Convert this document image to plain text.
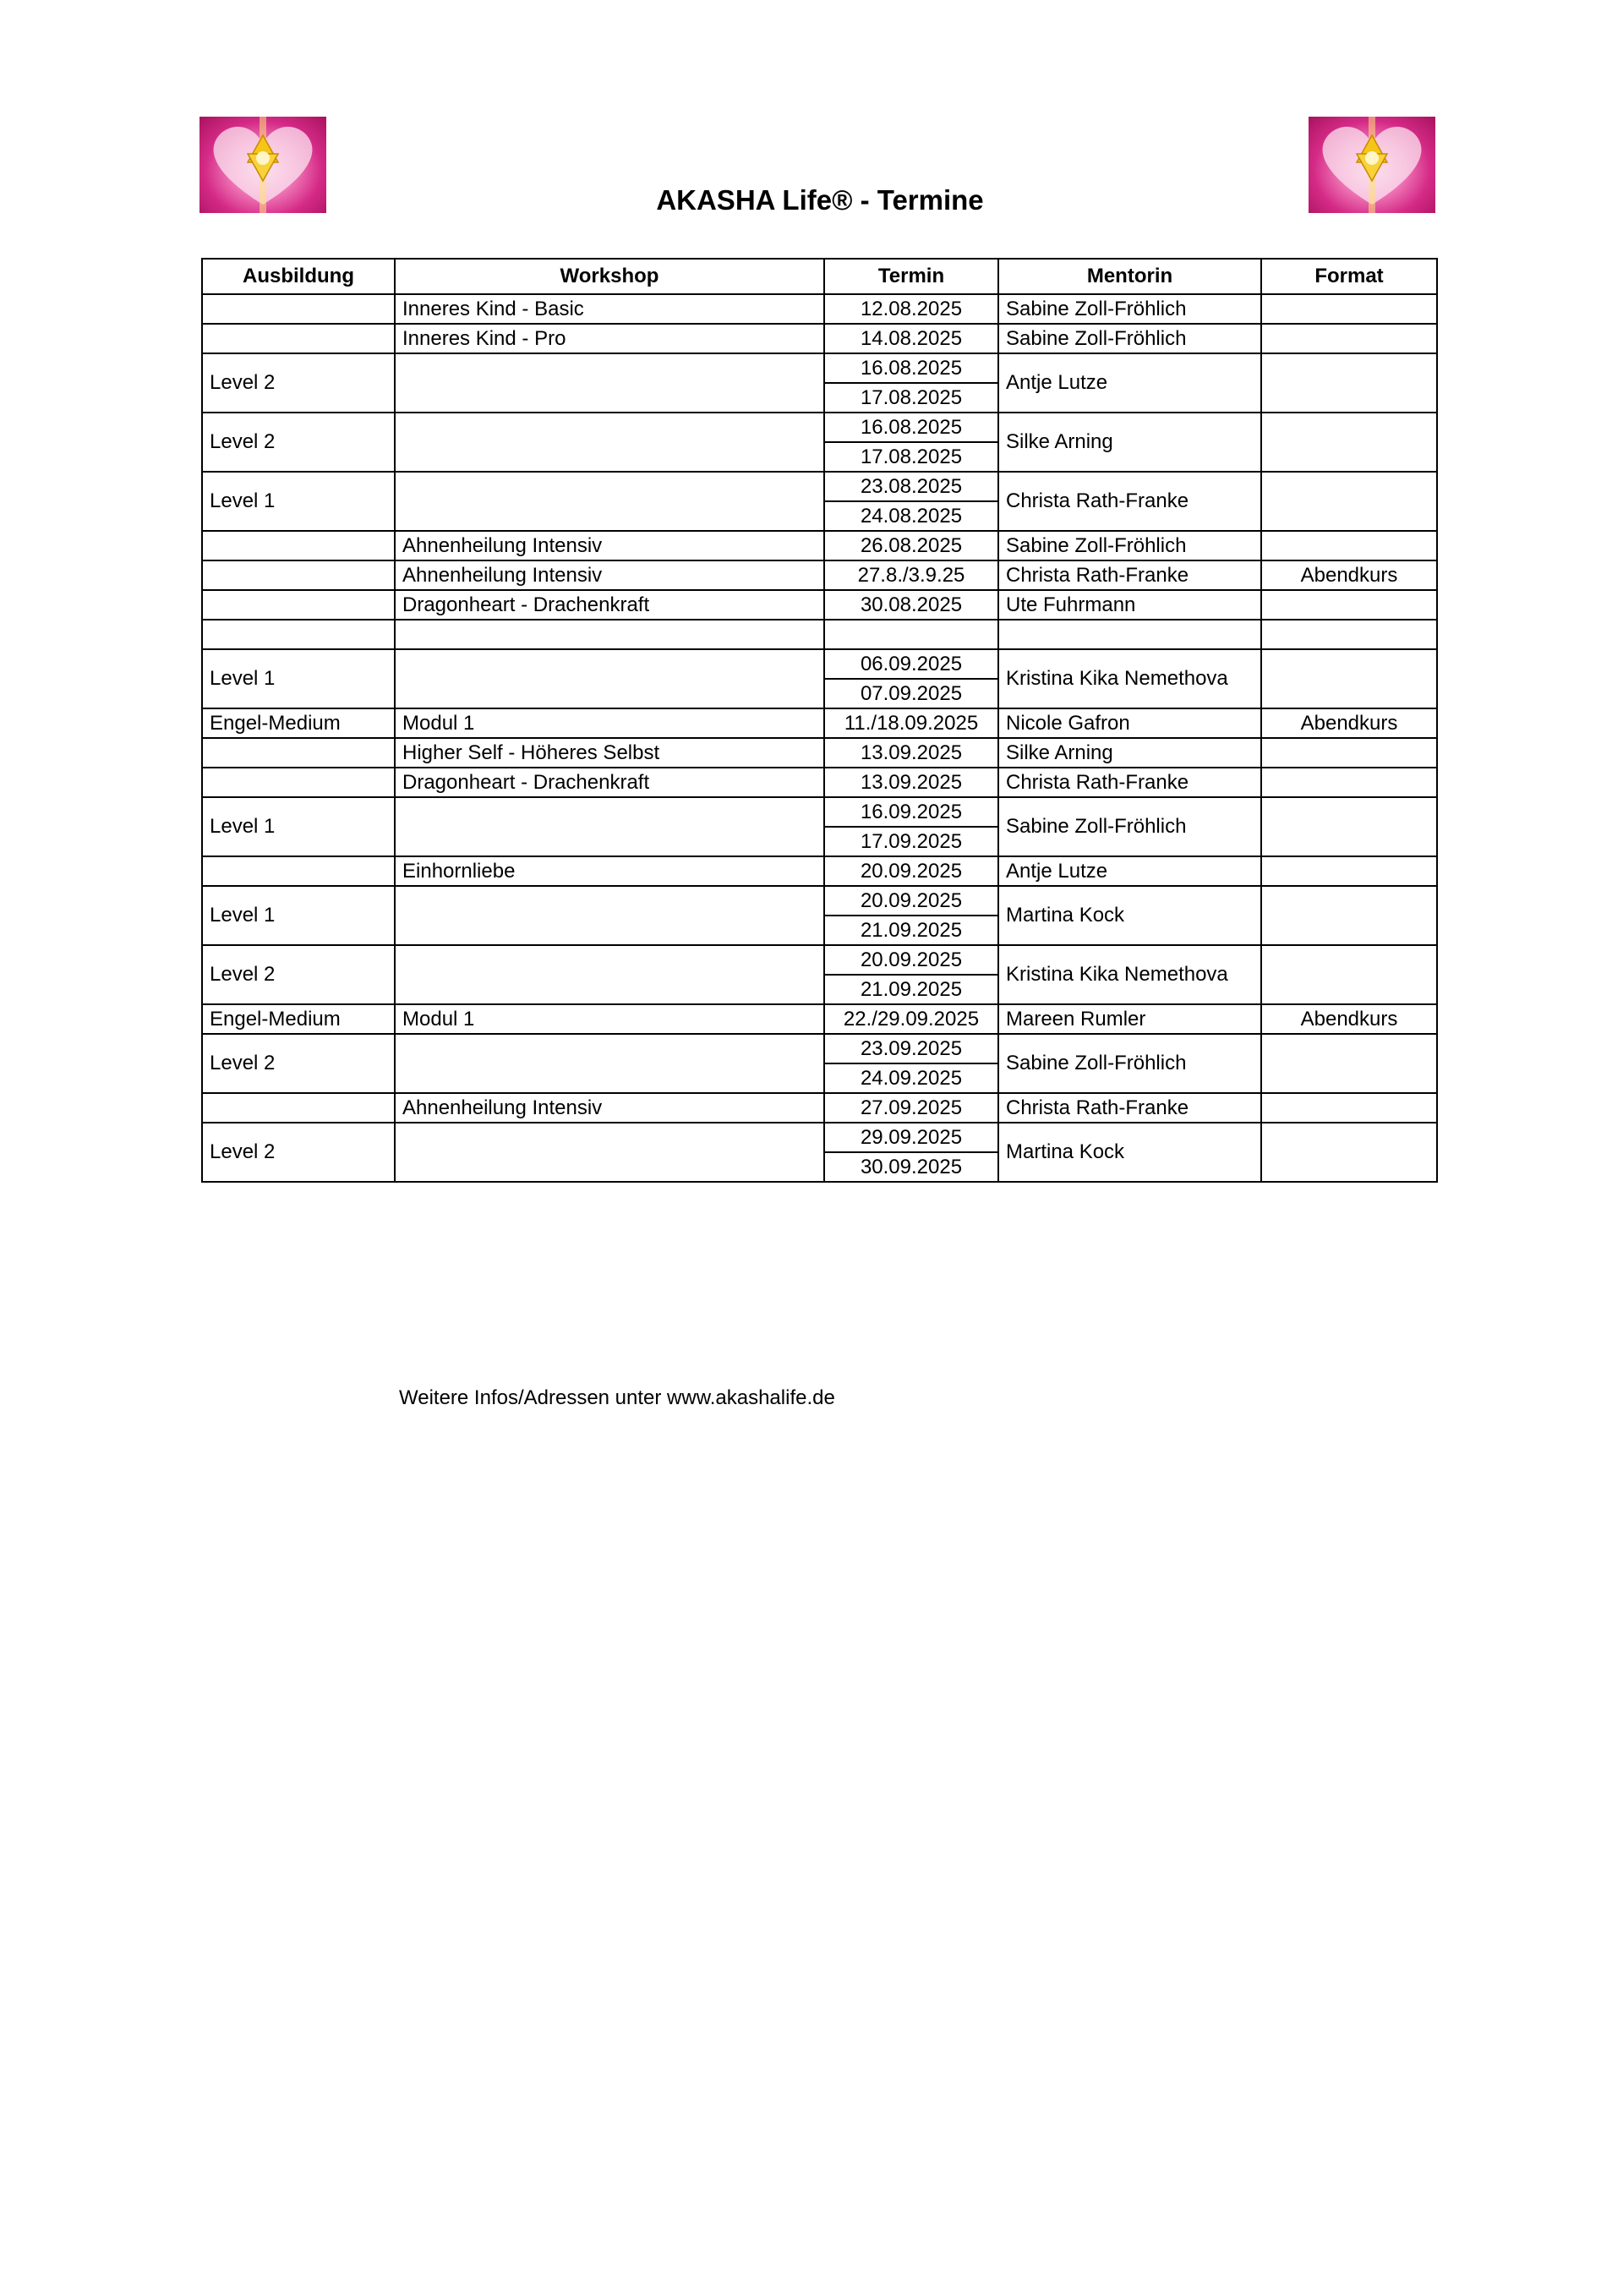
AKASHA Life® - Termine
Ausbildung	Workshop	Termin	Mentorin	Format
	Inneres Kind - Basic	12.08.2025	Sabine Zoll-Fröhlich	
	Inneres Kind - Pro	14.08.2025	Sabine Zoll-Fröhlich	
Level 2		16.08.2025	Antje Lutze	
		17.08.2025		
Level 2		16.08.2025	Silke Arning	
		17.08.2025		
Level 1		23.08.2025	Christa Rath-Franke	
		24.08.2025		
	Ahnenheilung Intensiv	26.08.2025	Sabine Zoll-Fröhlich	
	Ahnenheilung Intensiv	27.8./3.9.25	Christa Rath-Franke	Abendkurs
	Dragonheart - Drachenkraft	30.08.2025	Ute Fuhrmann	

Level 1		06.09.2025	Kristina Kika Nemethova	
		07.09.2025		
Engel-Medium	Modul 1	11./18.09.2025	Nicole Gafron	Abendkurs
	Higher Self - Höheres Selbst	13.09.2025	Silke Arning	
	Dragonheart - Drachenkraft	13.09.2025	Christa Rath-Franke	
Level 1		16.09.2025	Sabine Zoll-Fröhlich	
		17.09.2025		
	Einhornliebe	20.09.2025	Antje Lutze	
Level 1		20.09.2025	Martina Kock	
		21.09.2025		
Level 2		20.09.2025	Kristina Kika Nemethova	
		21.09.2025		
Engel-Medium	Modul 1	22./29.09.2025	Mareen Rumler	Abendkurs
Level 2		23.09.2025	Sabine Zoll-Fröhlich	
		24.09.2025		
	Ahnenheilung Intensiv	27.09.2025	Christa Rath-Franke	
Level 2		29.09.2025	Martina Kock	
		30.09.2025		
Weitere Infos/Adressen unter www.akashalife.de
